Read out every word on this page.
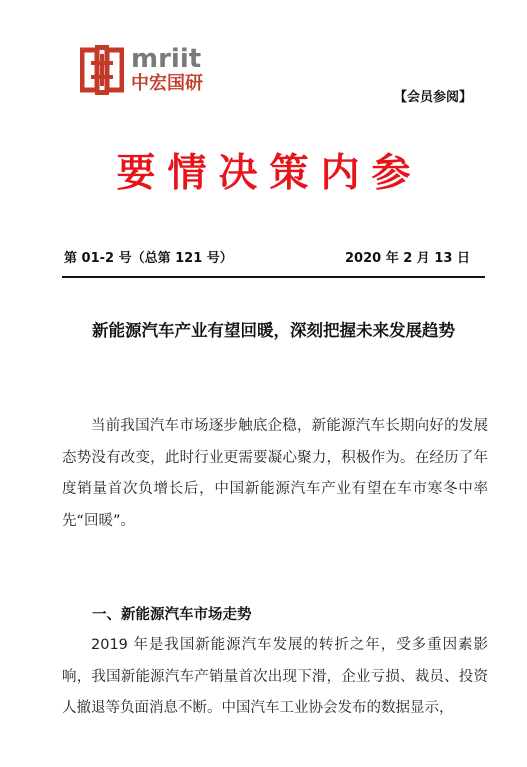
mriit
中宏国研
【会员参阅】
要情决策内参
第 01-2 号（总第 121 号）	2020 年 2 月 13 日
新能源汽车产业有望回暖，深刻把握未来发展趋势
当前我国汽车市场逐步触底企稳，新能源汽车长期向好的发展态势没有改变，此时行业更需要凝心聚力，积极作为。在经历了年度销量首次负增长后，中国新能源汽车产业有望在车市寒冬中率先“回暖”。
一、新能源汽车市场走势
2019 年是我国新能源汽车发展的转折之年，受多重因素影响，我国新能源汽车产销量首次出现下滑，企业亏损、裁员、投资人撤退等负面消息不断。中国汽车工业协会发布的数据显示，
